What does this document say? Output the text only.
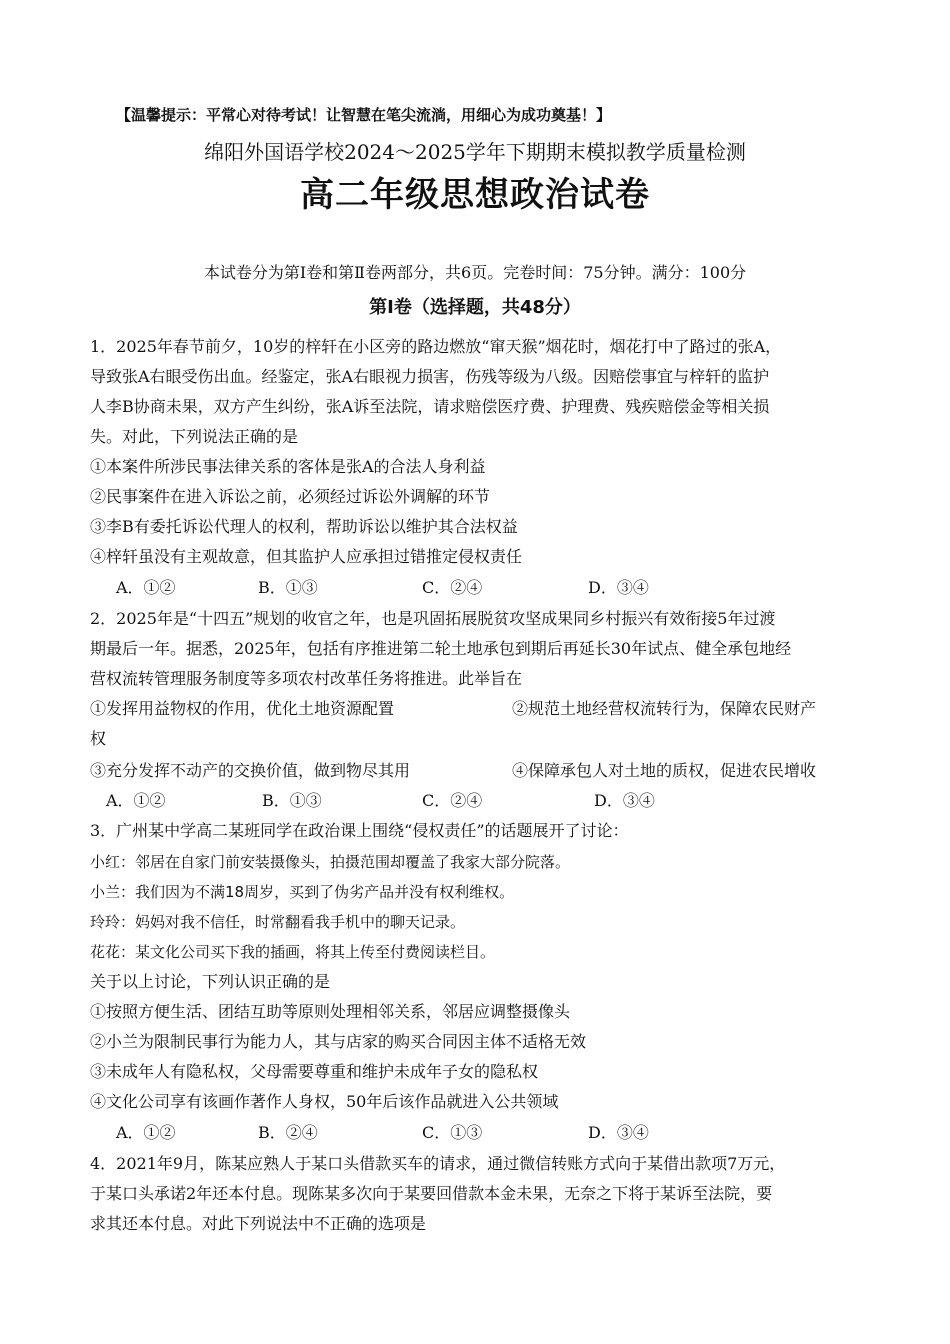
【温馨提示：平常心对待考试！让智慧在笔尖流淌，用细心为成功奠基！】
绵阳外国语学校2024～2025学年下期期末模拟教学质量检测
高二年级思想政治试卷
本试卷分为第Ⅰ卷和第Ⅱ卷两部分，共6页。完卷时间：75分钟。满分：100分
第Ⅰ卷（选择题，共48分）
1．2025年春节前夕，10岁的梓轩在小区旁的路边燃放“窜天猴”烟花时，烟花打中了路过的张A，
导致张A右眼受伤出血。经鉴定，张A右眼视力损害，伤残等级为八级。因赔偿事宜与梓轩的监护
人李B协商未果，双方产生纠纷，张A诉至法院，请求赔偿医疗费、护理费、残疾赔偿金等相关损
失。对此，下列说法正确的是
①本案件所涉民事法律关系的客体是张A的合法人身利益
②民事案件在进入诉讼之前，必须经过诉讼外调解的环节
③李B有委托诉讼代理人的权利，帮助诉讼以维护其合法权益
④梓轩虽没有主观故意，但其监护人应承担过错推定侵权责任
A．①②	B．①③	C．②④	D．③④
2．2025年是“十四五”规划的收官之年，也是巩固拓展脱贫攻坚成果同乡村振兴有效衔接5年过渡
期最后一年。据悉，2025年，包括有序推进第二轮土地承包到期后再延长30年试点、健全承包地经
营权流转管理服务制度等多项农村改革任务将推进。此举旨在
①发挥用益物权的作用，优化土地资源配置	②规范土地经营权流转行为，保障农民财产
权
③充分发挥不动产的交换价值，做到物尽其用	④保障承包人对土地的质权，促进农民增收
A．①②	B．①③	C．②④	D．③④
3．广州某中学高二某班同学在政治课上围绕“侵权责任”的话题展开了讨论：
小红：邻居在自家门前安装摄像头，拍摄范围却覆盖了我家大部分院落。
小兰：我们因为不满18周岁，买到了伪劣产品并没有权利维权。
玲玲：妈妈对我不信任，时常翻看我手机中的聊天记录。
花花：某文化公司买下我的插画，将其上传至付费阅读栏目。
关于以上讨论，下列认识正确的是
①按照方便生活、团结互助等原则处理相邻关系，邻居应调整摄像头
②小兰为限制民事行为能力人，其与店家的购买合同因主体不适格无效
③未成年人有隐私权，父母需要尊重和维护未成年子女的隐私权
④文化公司享有该画作著作人身权，50年后该作品就进入公共领域
A．①②	B．②④	C．①③	D．③④
4．2021年9月，陈某应熟人于某口头借款买车的请求，通过微信转账方式向于某借出款项7万元，
于某口头承诺2年还本付息。现陈某多次向于某要回借款本金未果，无奈之下将于某诉至法院，要
求其还本付息。对此下列说法中不正确的选项是
